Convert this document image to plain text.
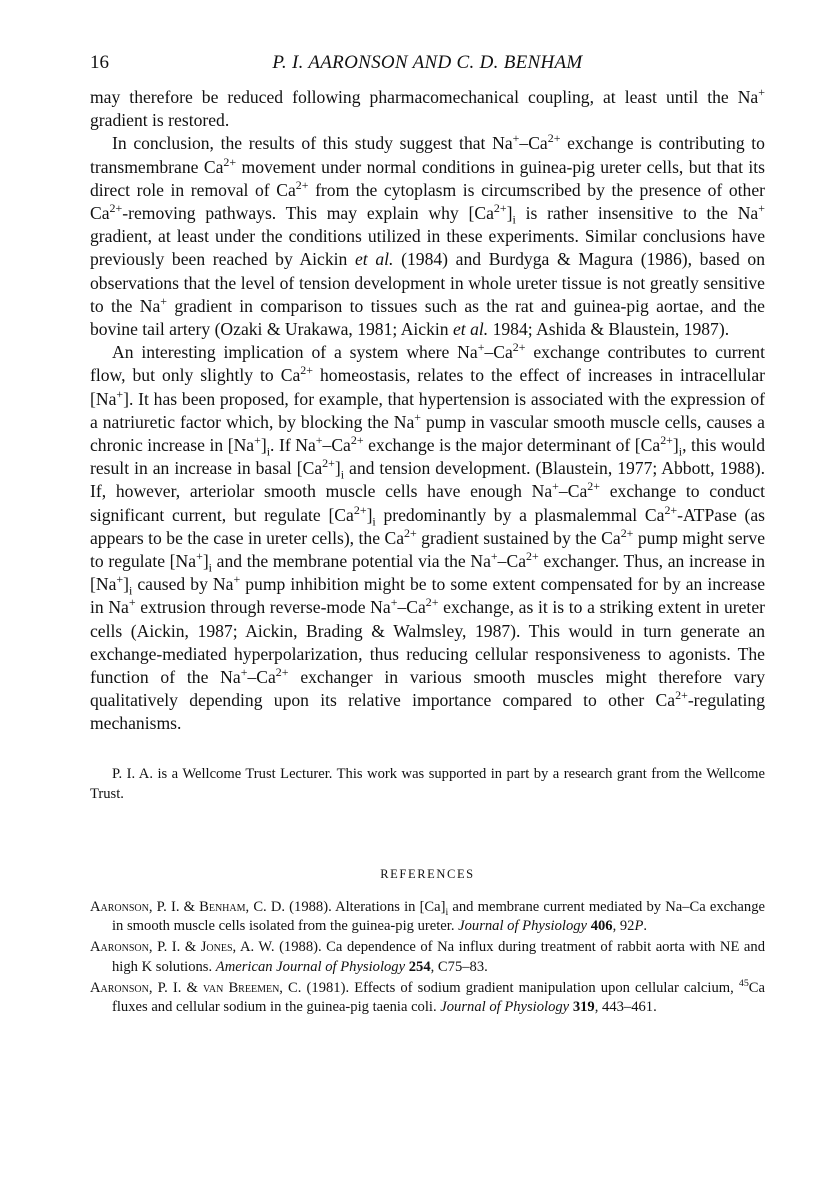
16	P. I. AARONSON AND C. D. BENHAM

may therefore be reduced following pharmacomechanical coupling, at least until the Na+ gradient is restored.

In conclusion, the results of this study suggest that $Na^+-Ca^{2+}$ exchange is contributing to transmembrane $Ca^{2+}$ movement under normal conditions in guinea-pig ureter cells, but that its direct role in removal of $Ca^{2+}$ from the cytoplasm is circumscribed by the presence of other $Ca^{2+}$-removing pathways. This may explain why $[Ca^{2+}]_i$ is rather insensitive to the Na+ gradient, at least under the conditions utilized in these experiments. Similar conclusions have previously been reached by Aickin et al. (1984) and Burdyga & Magura (1986), based on observations that the level of tension development in whole ureter tissue is not greatly sensitive to the Na+ gradient in comparison to tissues such as the rat and guinea-pig aortae, and the bovine tail artery (Ozaki & Urakawa, 1981; Aickin et al. 1984; Ashida & Blaustein, 1987).

An interesting implication of a system where $Na^+-Ca^{2+}$ exchange contributes to current flow, but only slightly to $Ca^{2+}$ homeostasis, relates to the effect of increases in intracellular [Na+]. It has been proposed, for example, that hypertension is associated with the expression of a natriuretic factor which, by blocking the Na+ pump in vascular smooth muscle cells, causes a chronic increase in $[Na^+]_i$. If $Na^+-Ca^{2+}$ exchange is the major determinant of $[Ca^{2+}]_i$, this would result in an increase in basal $[Ca^{2+}]_i$ and tension development. (Blaustein, 1977; Abbott, 1988). If, however, arteriolar smooth muscle cells have enough $Na^+-Ca^{2+}$ exchange to conduct significant current, but regulate $[Ca^{2+}]_i$ predominantly by a plasmalemmal $Ca^{2+}$-ATPase (as appears to be the case in ureter cells), the $Ca^{2+}$ gradient sustained by the $Ca^{2+}$ pump might serve to regulate $[Na^+]_i$ and the membrane potential via the $Na^+-Ca^{2+}$ exchanger. Thus, an increase in $[Na^+]_i$ caused by Na+ pump inhibition might be to some extent compensated for by an increase in Na+ extrusion through reverse-mode $Na^+-Ca^{2+}$ exchange, as it is to a striking extent in ureter cells (Aickin, 1987; Aickin, Brading & Walmsley, 1987). This would in turn generate an exchange-mediated hyperpolarization, thus reducing cellular responsiveness to agonists. The function of the $Na^+-Ca^{2+}$ exchanger in various smooth muscles might therefore vary qualitatively depending upon its relative importance compared to other $Ca^{2+}$-regulating mechanisms.

P. I. A. is a Wellcome Trust Lecturer. This work was supported in part by a research grant from the Wellcome Trust.

REFERENCES

Aaronson, P. I. & Benham, C. D. (1988). Alterations in $[Ca]_i$ and membrane current mediated by Na–Ca exchange in smooth muscle cells isolated from the guinea-pig ureter. Journal of Physiology 406, 92P.

Aaronson, P. I. & Jones, A. W. (1988). Ca dependence of Na influx during treatment of rabbit aorta with NE and high K solutions. American Journal of Physiology 254, C75–83.

Aaronson, P. I. & van Breemen, C. (1981). Effects of sodium gradient manipulation upon cellular calcium, $^{45}$Ca fluxes and cellular sodium in the guinea-pig taenia coli. Journal of Physiology 319, 443–461.
